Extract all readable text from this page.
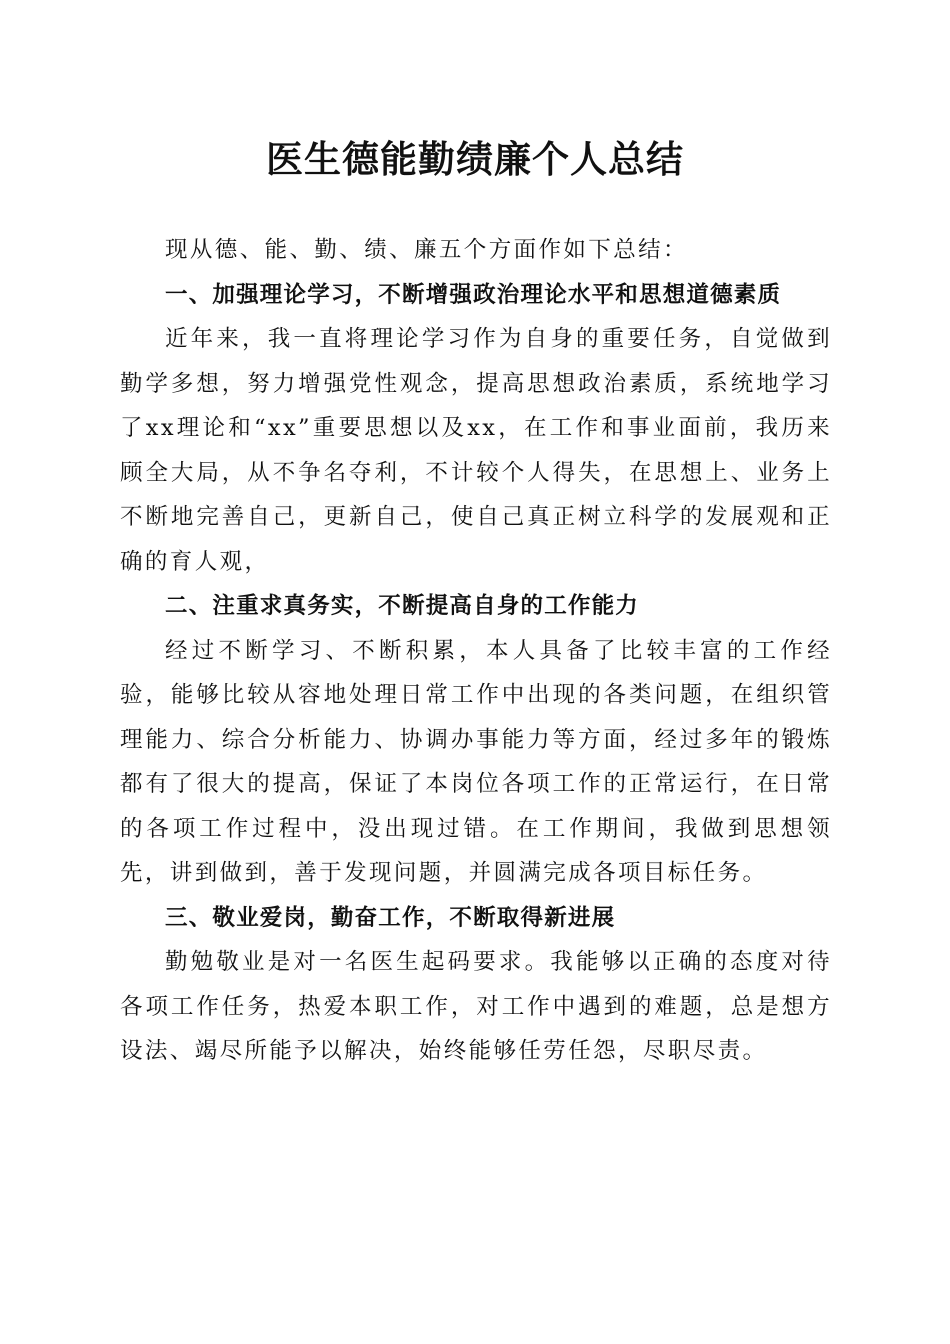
医生德能勤绩廉个人总结

现从德、能、勤、绩、廉五个方面作如下总结：

一、加强理论学习，不断增强政治理论水平和思想道德素质

近年来，我一直将理论学习作为自身的重要任务，自觉做到勤学多想，努力增强党性观念，提高思想政治素质，系统地学习了xx理论和“xx”重要思想以及xx，在工作和事业面前，我历来顾全大局，从不争名夺利，不计较个人得失，在思想上、业务上不断地完善自己，更新自己，使自己真正树立科学的发展观和正确的育人观，

二、注重求真务实，不断提高自身的工作能力

经过不断学习、不断积累，本人具备了比较丰富的工作经验，能够比较从容地处理日常工作中出现的各类问题，在组织管理能力、综合分析能力、协调办事能力等方面，经过多年的锻炼都有了很大的提高，保证了本岗位各项工作的正常运行，在日常的各项工作过程中，没出现过错。在工作期间，我做到思想领先，讲到做到，善于发现问题，并圆满完成各项目标任务。

三、敬业爱岗，勤奋工作，不断取得新进展

勤勉敬业是对一名医生起码要求。我能够以正确的态度对待各项工作任务，热爱本职工作，对工作中遇到的难题，总是想方设法、竭尽所能予以解决，始终能够任劳任怨，尽职尽责。
